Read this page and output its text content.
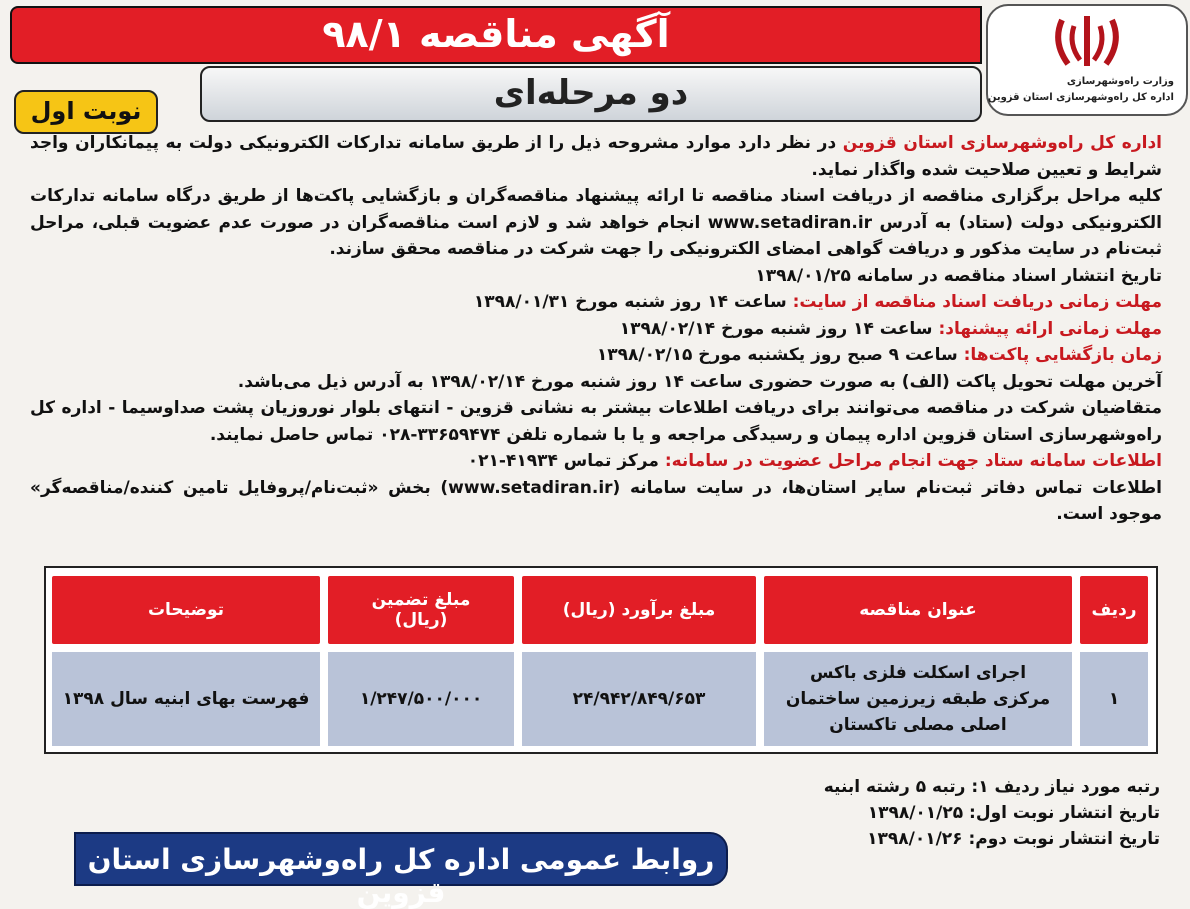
آگهی مناقصه ۹۸/۱
دو مرحله‌ای
نوبت اول
وزارت راه‌وشهرسازی
اداره کل راه‌وشهرسازی استان قزوین

اداره کل راه‌وشهرسازی استان قزوین در نظر دارد موارد مشروحه ذیل را از طریق سامانه تدارکات الکترونیکی دولت به پیمانکاران واجد شرایط و تعیین صلاحیت شده واگذار نماید.

کلیه مراحل برگزاری مناقصه از دریافت اسناد مناقصه تا ارائه پیشنهاد مناقصه‌گران و بازگشایی پاکت‌ها از طریق درگاه سامانه تدارکات الکترونیکی دولت (ستاد) به آدرس www.setadiran.ir انجام خواهد شد و لازم است مناقصه‌گران در صورت عدم عضویت قبلی، مراحل ثبت‌نام در سایت مذکور و دریافت گواهی امضای الکترونیکی را جهت شرکت در مناقصه محقق سازند.

تاریخ انتشار اسناد مناقصه در سامانه ۱۳۹۸/۰۱/۲۵

مهلت زمانی دریافت اسناد مناقصه از سایت: ساعت ۱۴ روز شنبه مورخ ۱۳۹۸/۰۱/۳۱

مهلت زمانی ارائه پیشنهاد: ساعت ۱۴ روز شنبه مورخ ۱۳۹۸/۰۲/۱۴

زمان بازگشایی پاکت‌ها: ساعت ۹ صبح روز یکشنبه مورخ ۱۳۹۸/۰۲/۱۵

آخرین مهلت تحویل پاکت (الف) به صورت حضوری ساعت ۱۴ روز شنبه مورخ ۱۳۹۸/۰۲/۱۴ به آدرس ذیل می‌باشد.

متقاضیان شرکت در مناقصه می‌توانند برای دریافت اطلاعات بیشتر به نشانی قزوین - انتهای بلوار نوروزیان پشت صداوسیما - اداره کل راه‌وشهرسازی استان قزوین اداره پیمان و رسیدگی مراجعه و یا با شماره تلفن ۳۳۶۵۹۴۷۴-۰۲۸ تماس حاصل نمایند.

اطلاعات سامانه ستاد جهت انجام مراحل عضویت در سامانه: مرکز تماس ۴۱۹۳۴-۰۲۱

اطلاعات تماس دفاتر ثبت‌نام سایر استان‌ها، در سایت سامانه (www.setadiran.ir) بخش «ثبت‌نام/پروفایل تامین کننده/مناقصه‌گر» موجود است.

ردیف
عنوان مناقصه
مبلغ برآورد (ریال)
مبلغ تضمین (ریال)
توضیحات
۱
اجرای اسکلت فلزی باکس مرکزی طبقه زیرزمین ساختمان اصلی مصلی تاکستان
۲۴/۹۴۲/۸۴۹/۶۵۳
۱/۲۴۷/۵۰۰/۰۰۰
فهرست بهای ابنیه سال ۱۳۹۸
رتبه مورد نیاز ردیف ۱: رتبه ۵ رشته ابنیه
تاریخ انتشار نوبت اول: ۱۳۹۸/۰۱/۲۵
تاریخ انتشار نوبت دوم: ۱۳۹۸/۰۱/۲۶
روابط عمومی اداره کل راه‌وشهرسازی استان قزوین
